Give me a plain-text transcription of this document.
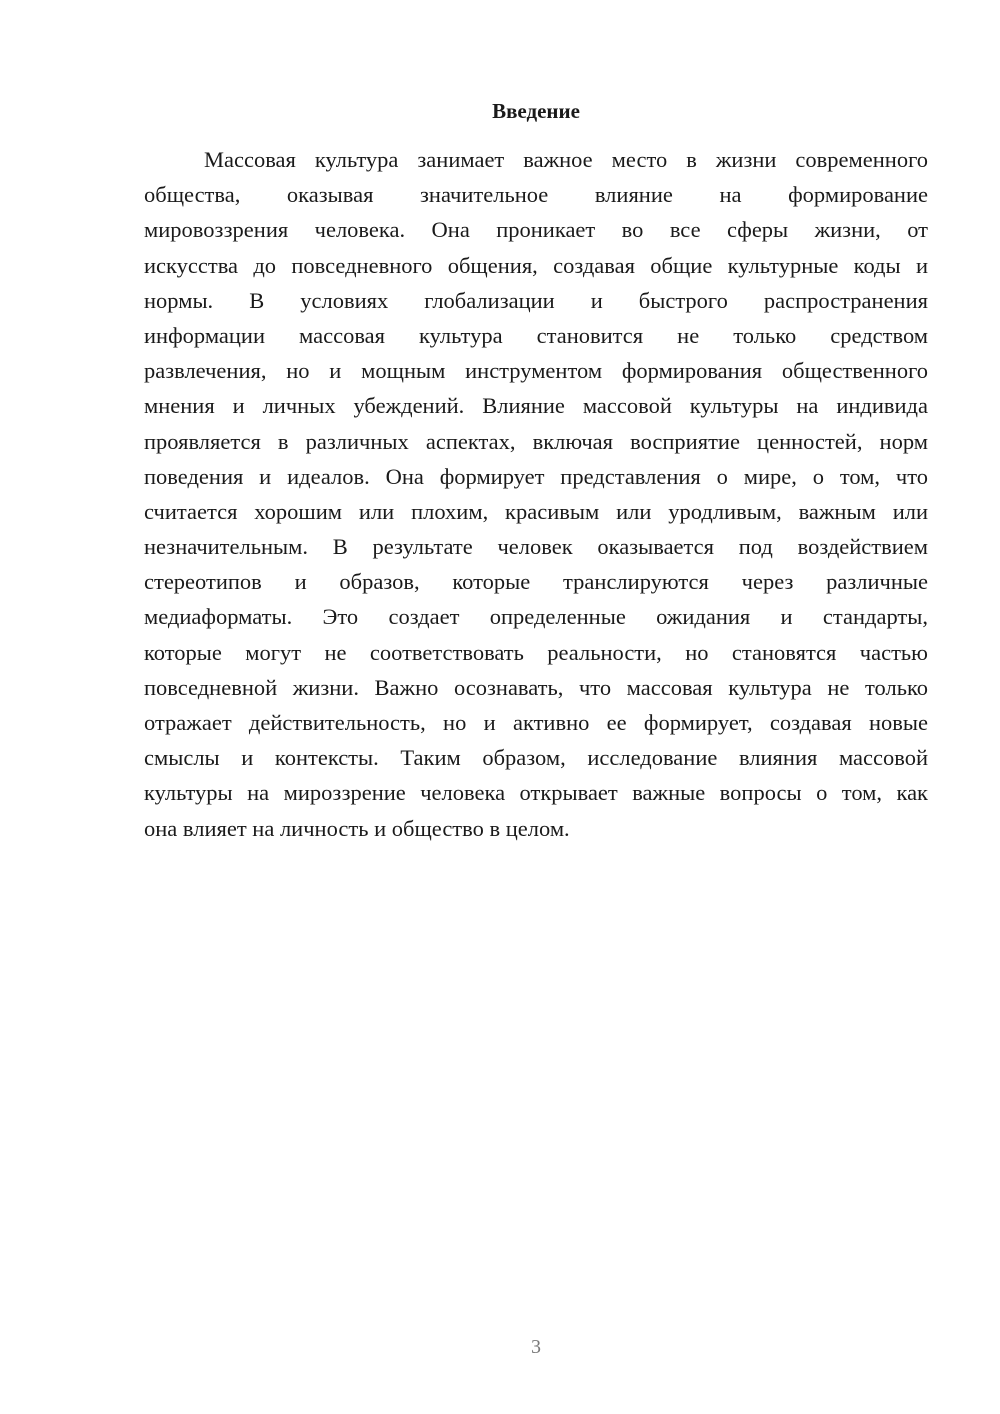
Введение
Массовая культура занимает важное место в жизни современного
общества, оказывая значительное влияние на формирование
мировоззрения человека. Она проникает во все сферы жизни, от
искусства до повседневного общения, создавая общие культурные коды и
нормы. В условиях глобализации и быстрого распространения
информации массовая культура становится не только средством
развлечения, но и мощным инструментом формирования общественного
мнения и личных убеждений. Влияние массовой культуры на индивида
проявляется в различных аспектах, включая восприятие ценностей, норм
поведения и идеалов. Она формирует представления о мире, о том, что
считается хорошим или плохим, красивым или уродливым, важным или
незначительным. В результате человек оказывается под воздействием
стереотипов и образов, которые транслируются через различные
медиаформаты. Это создает определенные ожидания и стандарты,
которые могут не соответствовать реальности, но становятся частью
повседневной жизни. Важно осознавать, что массовая культура не только
отражает действительность, но и активно ее формирует, создавая новые
смыслы и контексты. Таким образом, исследование влияния массовой
культуры на мироззрение человека открывает важные вопросы о том, как
она влияет на личность и общество в целом.
3
